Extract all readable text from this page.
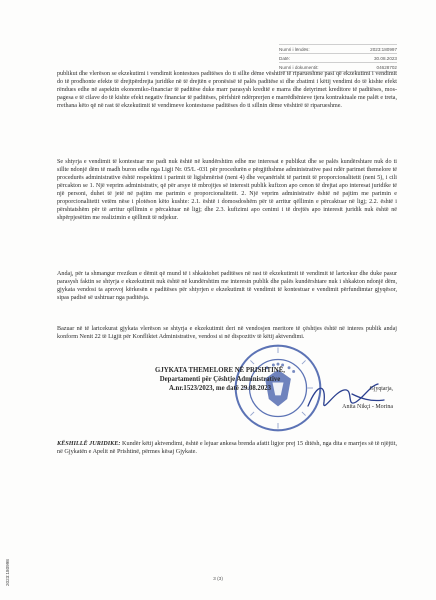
Numri i lëndës:	2023:180997
Datë:	30.08.2023
Numri i dokumentit:	04628702

publikut dhe vlerëson se ekzekutimi i vendimit kontestues paditëses do ti sillte dëme vështirë të riparueshme pasi që ekzekutimi i vendimit do të prodhonte efekte të drejtpërdrejta juridike në të drejtën e pronësisë të palës paditëse si dhe zbatimi i këtij vendimi do të kishte efekt rëndues edhe në aspektin ekonomiko-financiar të paditëse duke marr parasysh kreditë e marra dhe detyrimet kreditore të paditëses, mos-pagesa e të cilave do të kishte efekt negativ financiar të paditëses, përfshirë ndërprerjen e marrëdhënieve tjera kontraktuale me palët e treta, rrethana këto që në rast të ekzekutimit të vendimeve kontestuese paditëses do ti sillnin dëme vështirë të riparueshme.

Se shtyrja e vendimit të kontestuar me padi nuk është në kundërshtim edhe me interesat e publikut dhe se palës kundërshtare nuk do ti sillte ndonjë dëm të madh buron edhe nga Ligji Nr. 05/L -031 për procedurën e përgjithshme administrative pasi ndër parimet themelore të procedurës administrative është respektimi i parimit të ligjshmërisë (neni 4) dhe veçanërisht të parimit të proporcionalitetit (neni 5), i cili përcakton se 1. Një veprim administrativ, që për arsye të mbrojtjes së interesit publik kufizon apo cenon të drejtat apo interesat juridike të një personi, duhet të jetë në pajtim me parimin e proporcionalitetit. 2. Një veprim administrativ është në pajtim me parimin e proporcionalitetit vetëm nëse i plotëson këto kushte: 2.1. është i domosdoshëm për të arritur qëllimin e përcaktuar në ligj; 2.2. është i përshtatshëm për të arritur qëllimin e përcaktuar në ligj; dhe 2.3. kufizimi apo cenimi i të drejtës apo interesit juridik nuk është në shpërpjesëtim me realizimin e qëllimit të ndjekur.

Andaj, për ta shmangur rrezikun e dëmit që mund të i shkaktohet paditëses në rast të ekzekutimit të vendimit të lartcekur dhe duke pasur parasysh faktin se shtyrja e ekzekutimit nuk është në kundërshtim me interesin publik dhe palës kundërshtare nuk i shkakton ndonjë dëm, gjykata vendosi ta aprovoj kërkesën e paditëses për shtyrjen e ekzekutimit të vendimit të kontestuar e vendimit përfundimtar gjyqësor, sipas padisë së ushtruar nga paditësja.

Bazuar në të lartcekurat gjykata vlerëson se shtyrja e ekzekutimit deri në vendosjen meritore të çështjes është në interes publik andaj konform Nenit 22 të Ligjit për Konfliktet Administrative, vendosi si në dispozitiv të këtij aktvendimi.

GJYKATA THEMELORE NË PRISHTINË,
Departamenti për Çështje Administrative
A.nr.1523/2023, me datë 29.08.2023	Gjyqtarja,
Anita Nikçi - Morina
KËSHILLË JURIDIKE: Kundër këtij aktvendimi, është e lejuar ankesa brenda afatit ligjor prej 15 ditësh, nga dita e marrjes së të njëjtit, në Gjykatën e Apelit në Prishtinë, përmes kësaj Gjykate.
2023:180998	3 (3)
